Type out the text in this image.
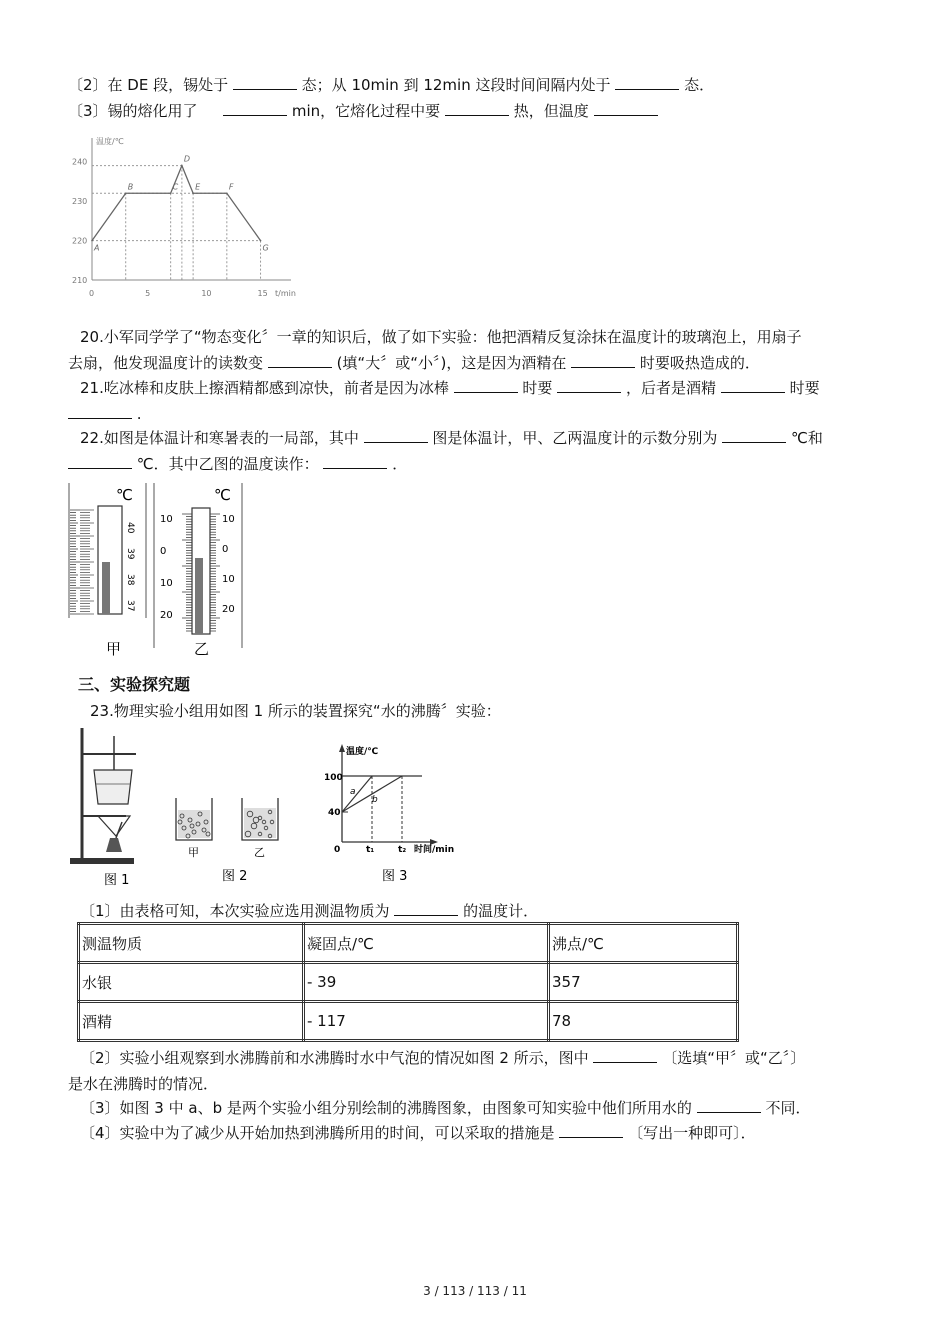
〔2〕在 DE 段，锡处于	态；从 10min 到 12min 这段时间间隔内处于	态．
〔3〕锡的熔化用了	min，它熔化过程中要	热，但温度
温度/℃
t/min
210
220
230
240
0	5	10	15
A
B	C
D
E	F
G
20.小军同学学了“物态变化〞一章的知识后，做了如下实验：他把酒精反复涂抹在温度计的玻璃泡上，用扇子
去扇，他发现温度计的读数变	(填“大〞或“小〞)，这是因为酒精在	时要吸热造成的．
21.吃冰棒和皮肤上擦酒精都感到凉快，前者是因为冰棒	时要	，后者是酒精	时要
.
22.如图是体温计和寒暑表的一局部，其中	图是体温计，甲、乙两温度计的示数分别为	℃和
℃．其中乙图的温度读作：	．
℃
40
39
38
37
甲
℃
10
0
10
20
10
0
10
20
乙
三、实验探究题
23.物理实验小组用如图 1 所示的装置探究“水的沸腾〞实验：
图 1
甲	乙
图 2
温度/℃
时间/min
100
40
0	t₁	t₂
a
b
图 3
〔1〕由表格可知，本次实验应选用测温物质为	的温度计．
测温物质	凝固点/℃	沸点/℃
水银	- 39	357
酒精	- 117	78
〔2〕实验小组观察到水沸腾前和水沸腾时水中气泡的情况如图 2 所示，图中	〔选填“甲〞或“乙〞〕
是水在沸腾时的情况．
〔3〕如图 3 中 a、b 是两个实验小组分别绘制的沸腾图象，由图象可知实验中他们所用水的	不同．
〔4〕实验中为了减少从开始加热到沸腾所用的时间，可以采取的措施是	〔写出一种即可〕．
3 / 113 / 113 / 11
